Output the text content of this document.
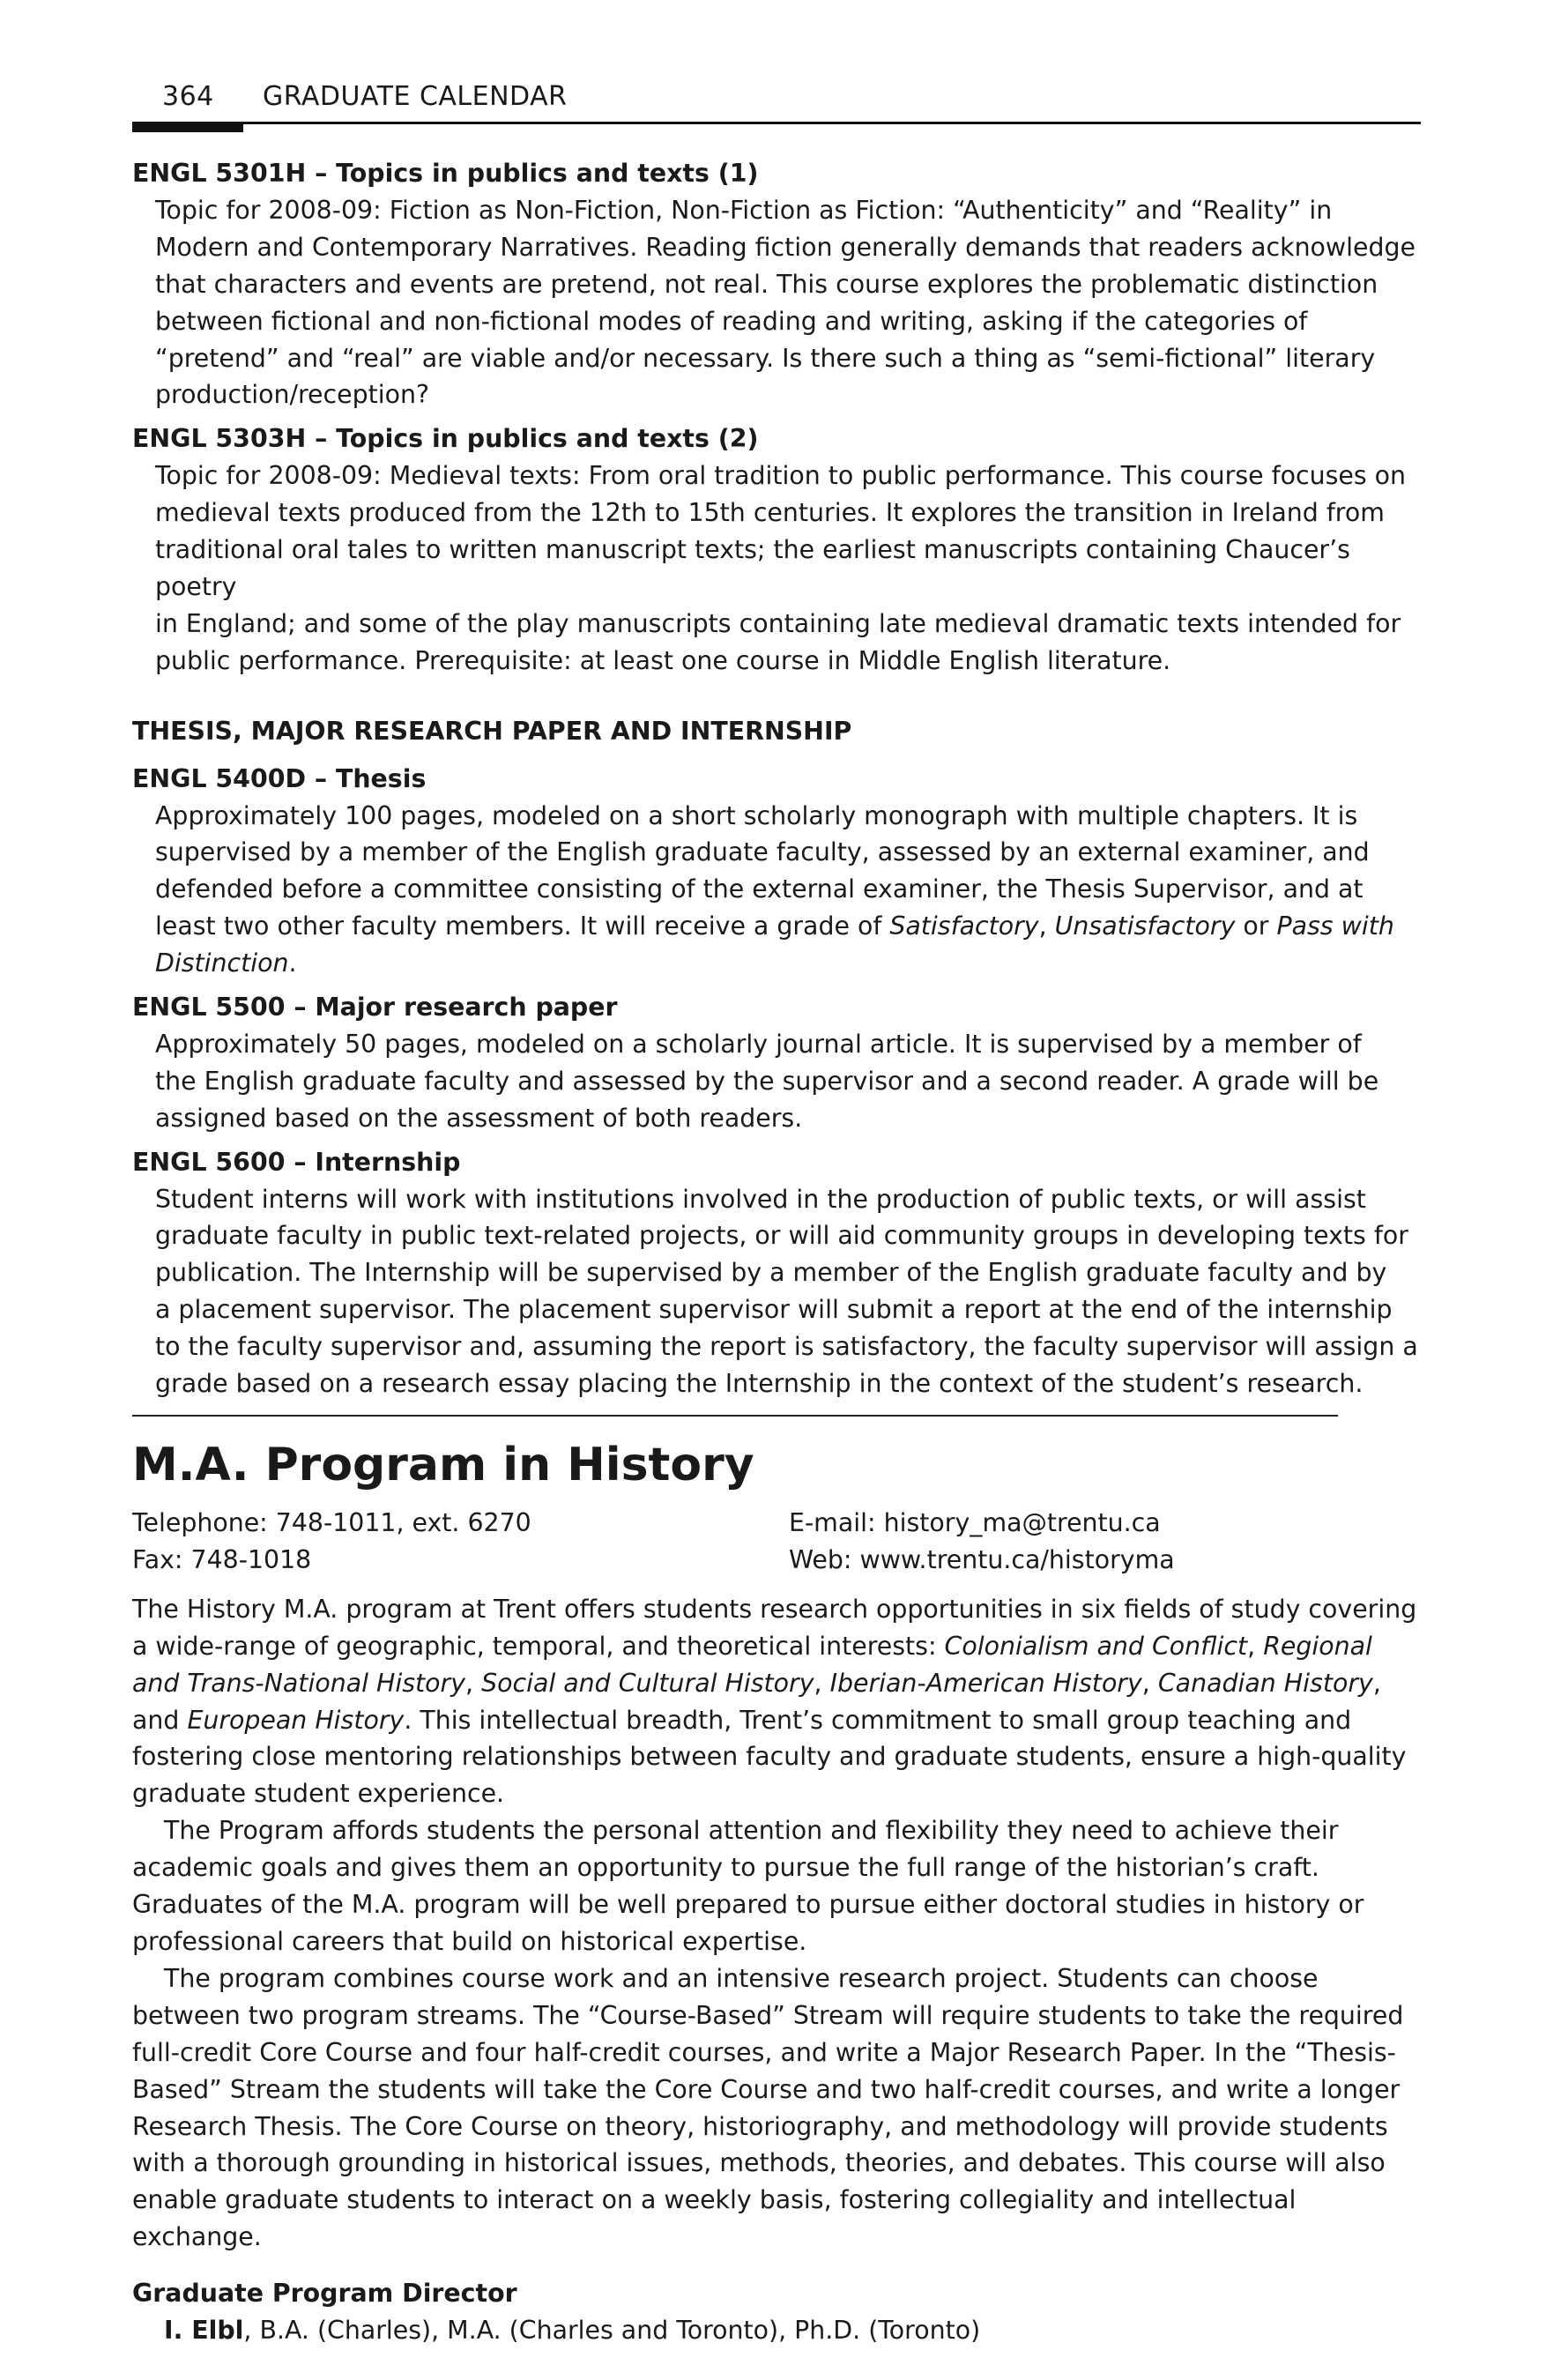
364 GRADUATE CALENDAR

ENGL 5301H – Topics in publics and texts (1)

Topic for 2008-09: Fiction as Non-Fiction, Non-Fiction as Fiction: “Authenticity” and “Reality” in
Modern and Contemporary Narratives. Reading fiction generally demands that readers acknowledge
that characters and events are pretend, not real. This course explores the problematic distinction
between fictional and non-fictional modes of reading and writing, asking if the categories of
“pretend” and “real” are viable and/or necessary. Is there such a thing as “semi-fictional” literary
production/reception?

ENGL 5303H – Topics in publics and texts (2)

Topic for 2008-09: Medieval texts: From oral tradition to public performance. This course focuses on
medieval texts produced from the 12th to 15th centuries. It explores the transition in Ireland from
traditional oral tales to written manuscript texts; the earliest manuscripts containing Chaucer’s poetry
in England; and some of the play manuscripts containing late medieval dramatic texts intended for
public performance. Prerequisite: at least one course in Middle English literature.

THESIS, MAJOR RESEARCH PAPER AND INTERNSHIP

ENGL 5400D – Thesis

Approximately 100 pages, modeled on a short scholarly monograph with multiple chapters. It is
supervised by a member of the English graduate faculty, assessed by an external examiner, and
defended before a committee consisting of the external examiner, the Thesis Supervisor, and at
least two other faculty members. It will receive a grade of Satisfactory, Unsatisfactory or Pass with
Distinction.

ENGL 5500 – Major research paper

Approximately 50 pages, modeled on a scholarly journal article. It is supervised by a member of
the English graduate faculty and assessed by the supervisor and a second reader. A grade will be
assigned based on the assessment of both readers.

ENGL 5600 – Internship

Student interns will work with institutions involved in the production of public texts, or will assist
graduate faculty in public text-related projects, or will aid community groups in developing texts for
publication. The Internship will be supervised by a member of the English graduate faculty and by
a placement supervisor. The placement supervisor will submit a report at the end of the internship
to the faculty supervisor and, assuming the report is satisfactory, the faculty supervisor will assign a
grade based on a research essay placing the Internship in the context of the student’s research.
M.A. Program in History
Telephone: 748-1011, ext. 6270	E-mail: history_ma@trentu.ca
Fax: 748-1018	Web: www.trentu.ca/historyma
The History M.A. program at Trent offers students research opportunities in six fields of study covering
a wide-range of geographic, temporal, and theoretical interests: Colonialism and Conflict, Regional
and Trans-National History, Social and Cultural History, Iberian-American History, Canadian History,
and European History. This intellectual breadth, Trent’s commitment to small group teaching and
fostering close mentoring relationships between faculty and graduate students, ensure a high-quality
graduate student experience.
The Program affords students the personal attention and flexibility they need to achieve their
academic goals and gives them an opportunity to pursue the full range of the historian’s craft.
Graduates of the M.A. program will be well prepared to pursue either doctoral studies in history or
professional careers that build on historical expertise.
The program combines course work and an intensive research project. Students can choose
between two program streams. The “Course-Based” Stream will require students to take the required
full-credit Core Course and four half-credit courses, and write a Major Research Paper. In the “Thesis-
Based” Stream the students will take the Core Course and two half-credit courses, and write a longer
Research Thesis. The Core Course on theory, historiography, and methodology will provide students
with a thorough grounding in historical issues, methods, theories, and debates. This course will also
enable graduate students to interact on a weekly basis, fostering collegiality and intellectual exchange.

Graduate Program Director

I. Elbl, B.A. (Charles), M.A. (Charles and Toronto), Ph.D. (Toronto)
